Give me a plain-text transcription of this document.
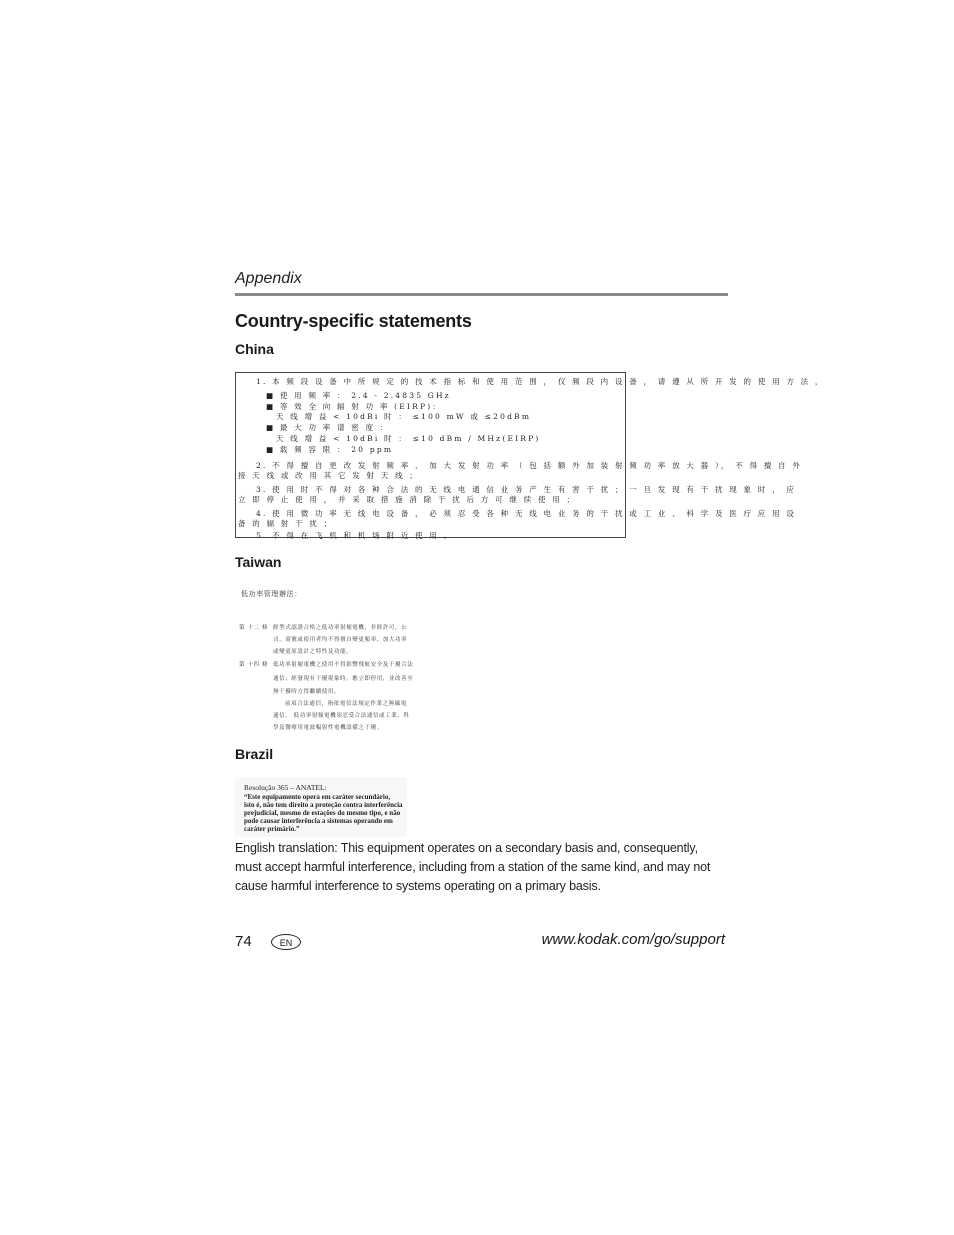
Appendix
Country-specific statements
China

1. 本 频 段 设 备 中 所 规 定 的 技 术 指 标 和 使 用 范 围 ， 仅 频 段 内 设 备 ， 请 遵 从 所 开 发 的 使 用 方 法 ，

■ 使 用 频 率 ： 2.4 - 2.4835 GHz

■ 等 效 全 向 辐 射 功 率 (EIRP)：

天 线 增 益 < 10dBi 时 ： ≤100 mW 或 ≤20dBm

■ 最 大 功 率 谱 密 度 ：

天 线 增 益 < 10dBi 时 ： ≤10 dBm / MHz(EIRP)

■ 载 频 容 限 ： 20 ppm

2. 不 得 擅 自 更 改 发 射 频 率 、 加 大 发 射 功 率 （ 包 括 额 外 加 装 射 频 功 率 放 大 器 ）， 不 得 擅 自 外

接 天 线 或 改 用 其 它 发 射 天 线 ；

3. 使 用 时 不 得 对 各 种 合 法 的 无 线 电 通 信 业 务 产 生 有 害 干 扰 ； 一 旦 发 现 有 干 扰 现 象 时 ， 应

立 即 停 止 使 用 ， 并 采 取 措 施 消 除 干 扰 后 方 可 继 续 使 用 ；

4. 使 用 微 功 率 无 线 电 设 备 ， 必 须 忍 受 各 种 无 线 电 业 务 的 干 扰 或 工 业 、 科 学 及 医 疗 应 用 设

备 的 辐 射 干 扰 ；

5. 不 得 在 飞 机 和 机 场 附 近 使 用 。

Taiwan

低功率管理辦法：

第 十二 條 經型式認證合格之低功率射頻電機，非經許可，公

司、商號或使用者均不得擅自變更頻率、加大功率

或變更原設計之特性及功能。

第 十四 條 低功率射頻電機之使用不得影響飛航安全及干擾合法

通信；經發現有干擾現象時，應立即停用，並改善至

無干擾時方得繼續使用。

前項合法通信，指依電信法規定作業之無線電

通信。 低功率射頻電機須忍受合法通信或工業、科

學及醫療用電波輻射性電機設備之干擾。

Brazil

Resolução 365 – ANATEL:

“Este equipamento opera em caráter secundário,

isto é, não tem direito a proteção contra interferência

prejudicial, mesmo de estações do mesmo tipo, e não

pode causar interferência a sistemas operando em

caráter primário.”

English translation: This equipment operates on a secondary basis and, consequently, must accept harmful interference, including from a station of the same kind, and may not cause harmful interference to systems operating on a primary basis.
74	EN	www.kodak.com/go/support
